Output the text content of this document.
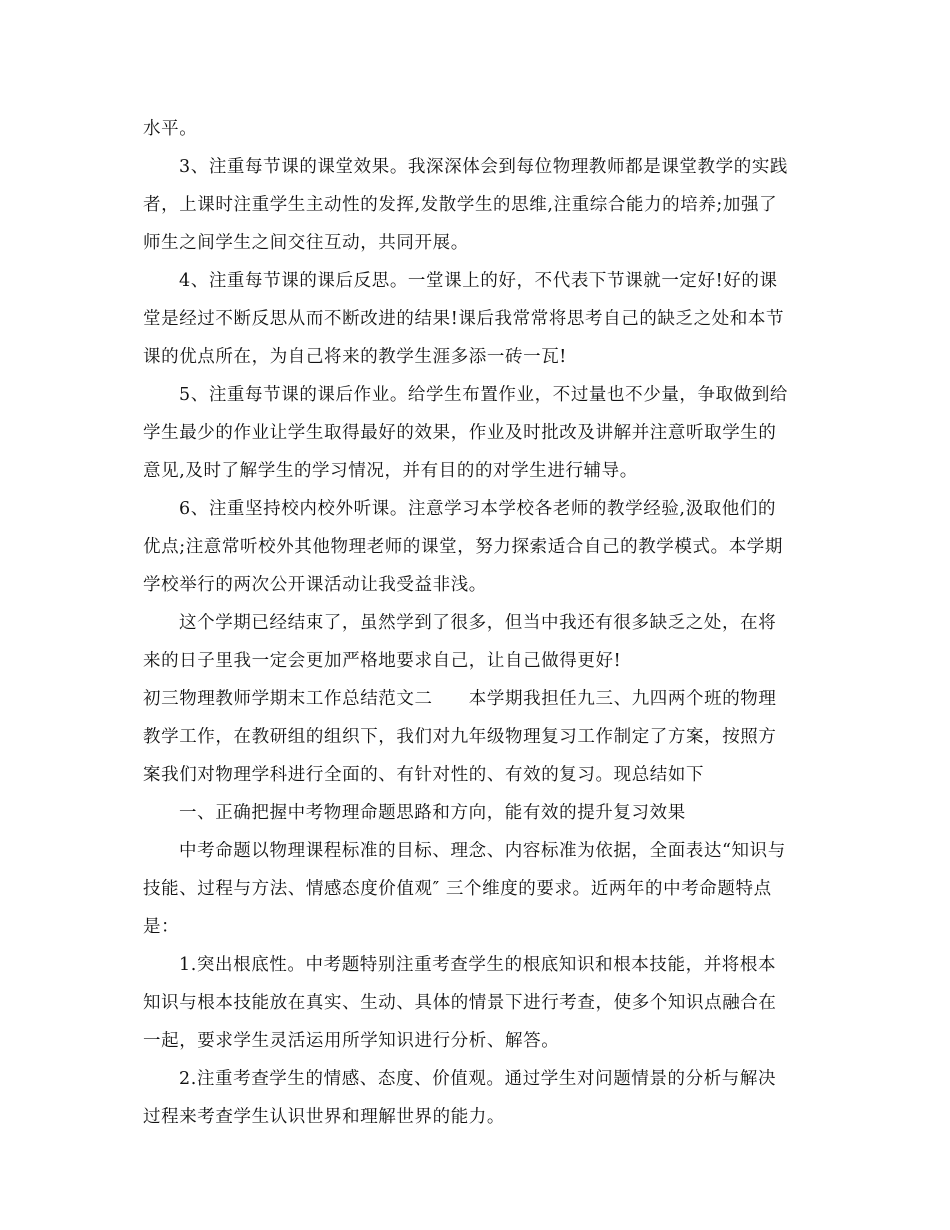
水平。
3、注重每节课的课堂效果。我深深体会到每位物理教师都是课堂教学的实践
者，上课时注重学生主动性的发挥,发散学生的思维,注重综合能力的培养;加强了
师生之间学生之间交往互动，共同开展。
4、注重每节课的课后反思。一堂课上的好，不代表下节课就一定好!好的课
堂是经过不断反思从而不断改进的结果!课后我常常将思考自己的缺乏之处和本节
课的优点所在，为自己将来的教学生涯多添一砖一瓦!
5、注重每节课的课后作业。给学生布置作业，不过量也不少量，争取做到给
学生最少的作业让学生取得最好的效果，作业及时批改及讲解并注意听取学生的
意见,及时了解学生的学习情况，并有目的的对学生进行辅导。
6、注重坚持校内校外听课。注意学习本学校各老师的教学经验,汲取他们的
优点;注意常听校外其他物理老师的课堂，努力探索适合自己的教学模式。本学期
学校举行的两次公开课活动让我受益非浅。
这个学期已经结束了，虽然学到了很多，但当中我还有很多缺乏之处，在将
来的日子里我一定会更加严格地要求自己，让自己做得更好!
初三物理教师学期末工作总结范文二　　本学期我担任九三、九四两个班的物理
教学工作，在教研组的组织下，我们对九年级物理复习工作制定了方案，按照方
案我们对物理学科进行全面的、有针对性的、有效的复习。现总结如下
一、正确把握中考物理命题思路和方向，能有效的提升复习效果
中考命题以物理课程标准的目标、理念、内容标准为依据，全面表达“知识与
技能、过程与方法、情感态度价值观″ 三个维度的要求。近两年的中考命题特点
是：
1.突出根底性。中考题特别注重考查学生的根底知识和根本技能，并将根本
知识与根本技能放在真实、生动、具体的情景下进行考查，使多个知识点融合在
一起，要求学生灵活运用所学知识进行分析、解答。
2.注重考查学生的情感、态度、价值观。通过学生对问题情景的分析与解决
过程来考查学生认识世界和理解世界的能力。
